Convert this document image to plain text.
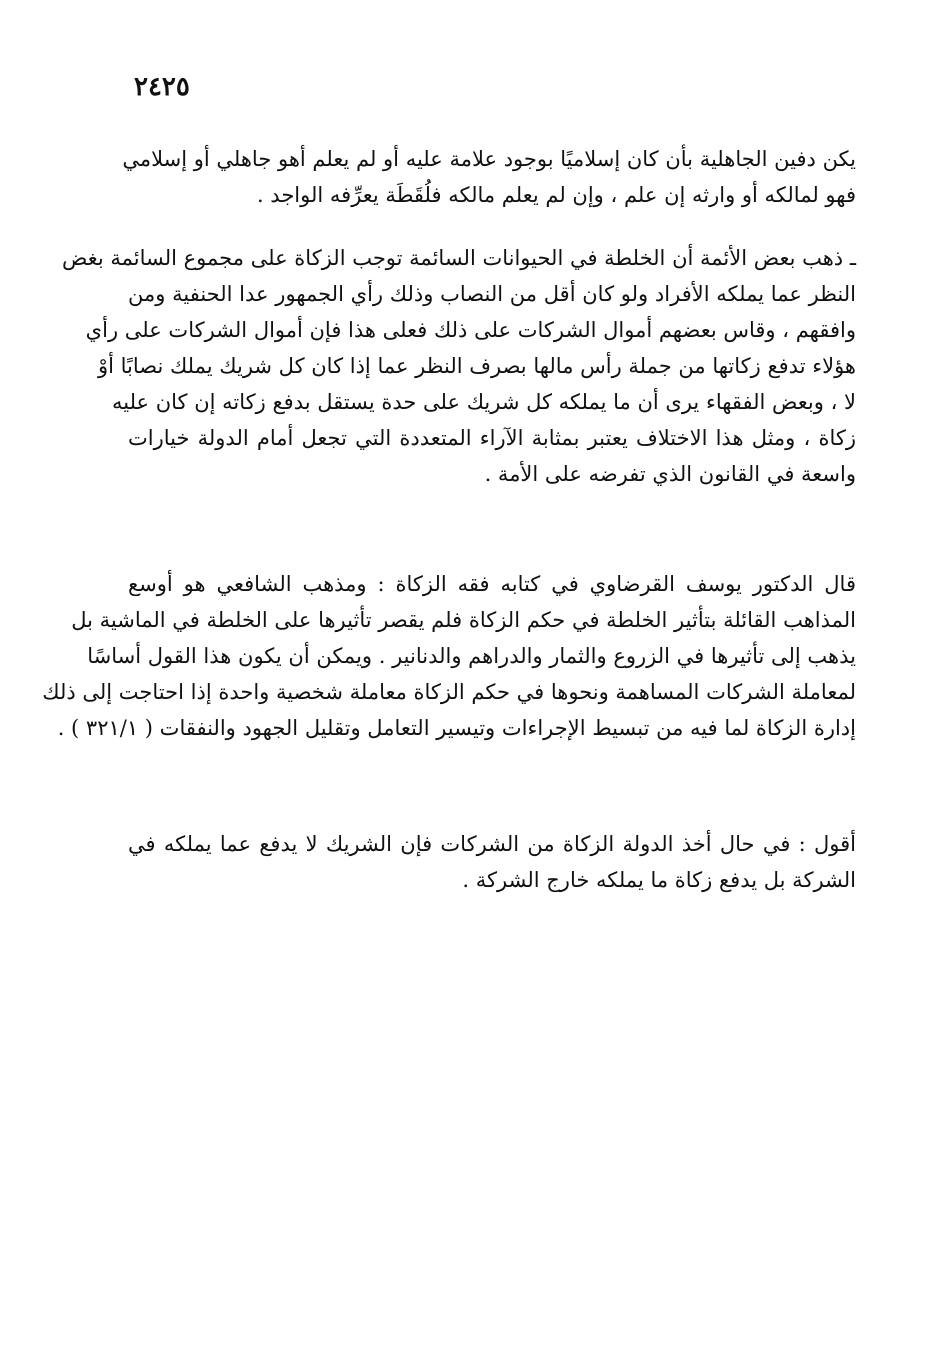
٢٤٢٥
يكن دفين الجاهلية بأن كان إسلاميًا بوجود علامة عليه أو لم يعلم أهو جاهلي أو إسلامي
فهو لمالكه أو وارثه إن علم ، وإن لم يعلم مالكه فلُقَطَة يعرِّفه الواجد .
ـ ذهب بعض الأئمة أن الخلطة في الحيوانات السائمة توجب الزكاة على مجموع السائمة بغض
النظر عما يملكه الأفراد ولو كان أقل من النصاب وذلك رأي الجمهور عدا الحنفية ومن
وافقهم ، وقاس بعضهم أموال الشركات على ذلك فعلى هذا فإن أموال الشركات على رأي
هؤلاء تدفع زكاتها من جملة رأس مالها بصرف النظر عما إذا كان كل شريك يملك نصابًا أوْ
لا ، وبعض الفقهاء يرى أن ما يملكه كل شريك على حدة يستقل بدفع زكاته إن كان عليه
زكاة ، ومثل هذا الاختلاف يعتبر بمثابة الآراء المتعددة التي تجعل أمام الدولة خيارات
واسعة في القانون الذي تفرضه على الأمة .
قال الدكتور يوسف القرضاوي في كتابه فقه الزكاة : ومذهب الشافعي هو أوسع
المذاهب القائلة بتأثير الخلطة في حكم الزكاة فلم يقصر تأثيرها على الخلطة في الماشية بل
يذهب إلى تأثيرها في الزروع والثمار والدراهم والدنانير . ويمكن أن يكون هذا القول أساسًا
لمعاملة الشركات المساهمة ونحوها في حكم الزكاة معاملة شخصية واحدة إذا احتاجت إلى ذلك
إدارة الزكاة لما فيه من تبسيط الإجراءات وتيسير التعامل وتقليل الجهود والنفقات ( ٣٢١/١ ) .
أقول : في حال أخذ الدولة الزكاة من الشركات فإن الشريك لا يدفع عما يملكه في
الشركة بل يدفع زكاة ما يملكه خارج الشركة .
